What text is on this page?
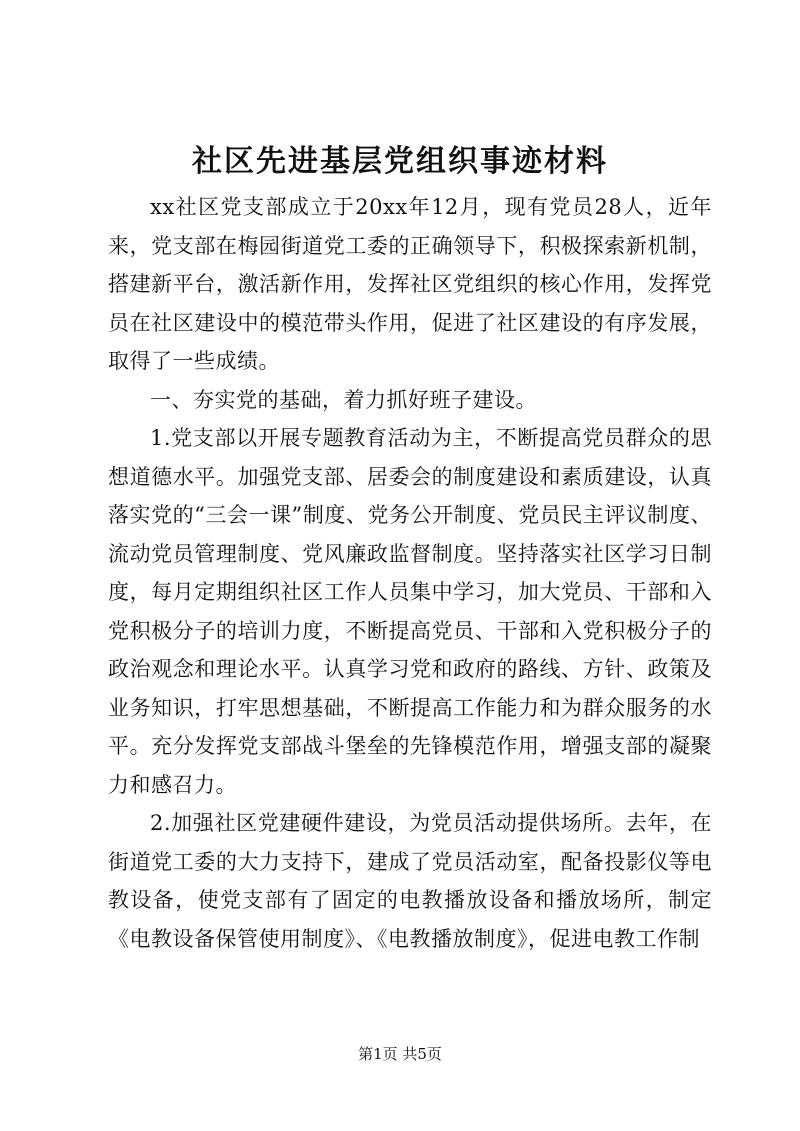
社区先进基层党组织事迹材料

xx社区党支部成立于20xx年12月，现有党员28人，近年来，党支部在梅园街道党工委的正确领导下，积极探索新机制，搭建新平台，激活新作用，发挥社区党组织的核心作用，发挥党员在社区建设中的模范带头作用，促进了社区建设的有序发展，取得了一些成绩。

一、夯实党的基础，着力抓好班子建设。

1.党支部以开展专题教育活动为主，不断提高党员群众的思想道德水平。加强党支部、居委会的制度建设和素质建设，认真落实党的“三会一课”制度、党务公开制度、党员民主评议制度、流动党员管理制度、党风廉政监督制度。坚持落实社区学习日制度，每月定期组织社区工作人员集中学习，加大党员、干部和入党积极分子的培训力度，不断提高党员、干部和入党积极分子的政治观念和理论水平。认真学习党和政府的路线、方针、政策及业务知识，打牢思想基础，不断提高工作能力和为群众服务的水平。充分发挥党支部战斗堡垒的先锋模范作用，增强支部的凝聚力和感召力。

2.加强社区党建硬件建设，为党员活动提供场所。去年，在街道党工委的大力支持下，建成了党员活动室，配备投影仪等电教设备，使党支部有了固定的电教播放设备和播放场所，制定《电教设备保管使用制度》、《电教播放制度》，促进电教工作制

第1页 共5页
